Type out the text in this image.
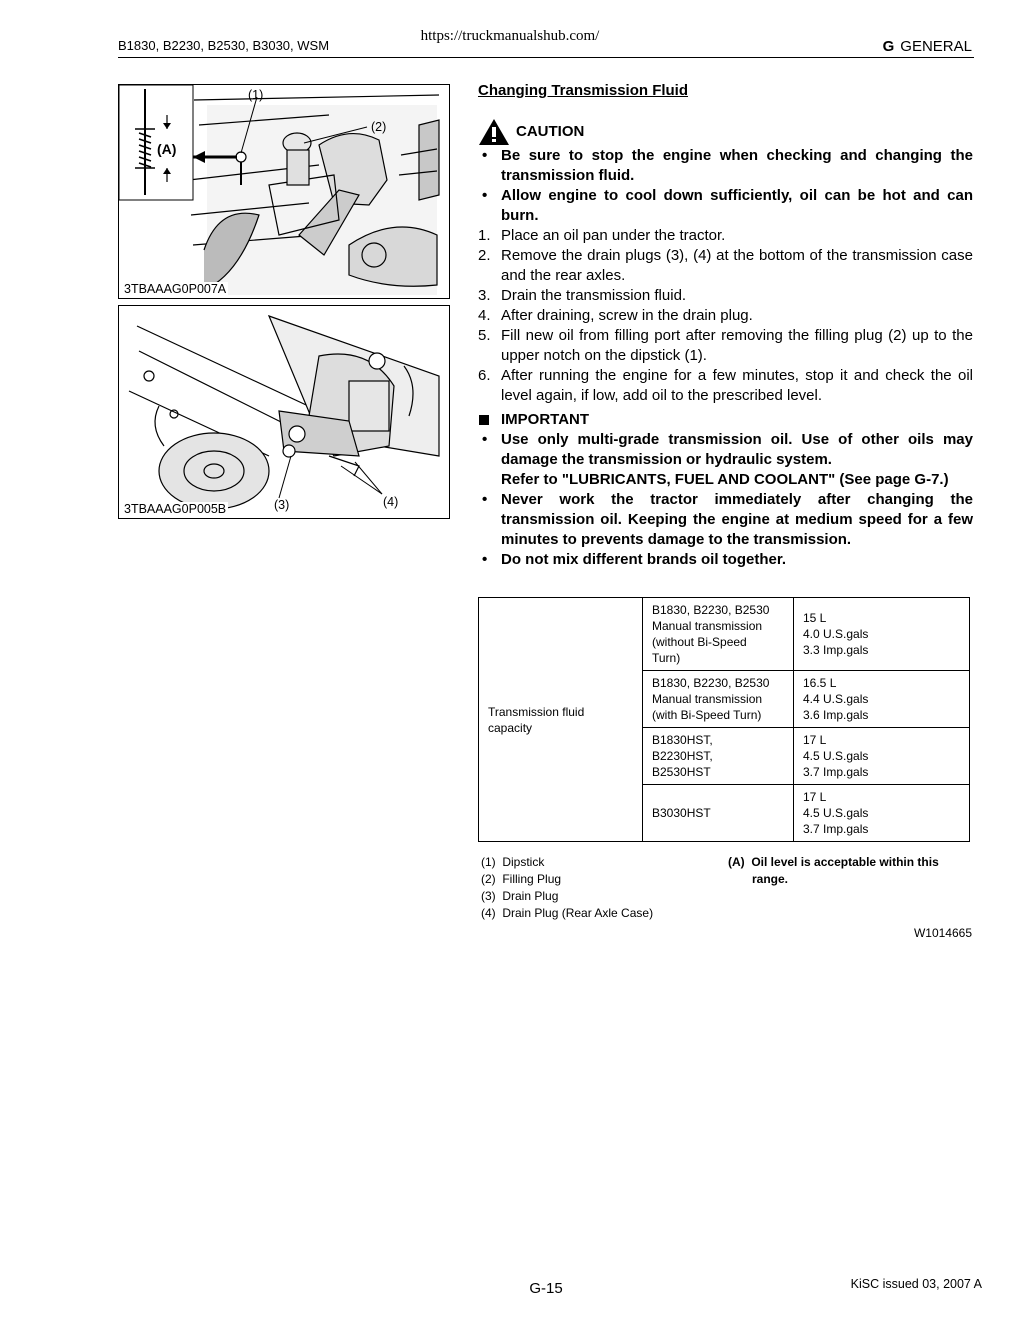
https://truckmanualshub.com/
B1830, B2230, B2530, B3030, WSM	G GENERAL
(A)
(1)
(2)
3TBAAAG0P007A
(3)	(4)
3TBAAAG0P005B
Changing Transmission Fluid
CAUTION
• Be sure to stop the engine when checking and changing the transmission fluid.
• Allow engine to cool down sufficiently, oil can be hot and can burn.
1. Place an oil pan under the tractor.
2. Remove the drain plugs (3), (4) at the bottom of the transmission case and the rear axles.
3. Drain the transmission fluid.
4. After draining, screw in the drain plug.
5. Fill new oil from filling port after removing the filling plug (2) up to the upper notch on the dipstick (1).
6. After running the engine for a few minutes, stop it and check the oil level again, if low, add oil to the prescribed level.
IMPORTANT
• Use only multi-grade transmission oil. Use of other oils may damage the transmission or hydraulic system.
Refer to "LUBRICANTS, FUEL AND COOLANT" (See page G-7.)
• Never work the tractor immediately after changing the transmission oil. Keeping the engine at medium speed for a few minutes to prevents damage to the transmission.
• Do not mix different brands oil together.
Transmission fluid
capacity	B1830, B2230, B2530
Manual transmission
(without Bi-Speed
Turn)	15 L
4.0 U.S.gals
3.3 Imp.gals
	B1830, B2230, B2530
Manual transmission
(with Bi-Speed Turn)	16.5 L
4.4 U.S.gals
3.6 Imp.gals
	B1830HST,
B2230HST,
B2530HST	17 L
4.5 U.S.gals
3.7 Imp.gals
	B3030HST	17 L
4.5 U.S.gals
3.7 Imp.gals
(1) Dipstick
(2) Filling Plug
(3) Drain Plug
(4) Drain Plug (Rear Axle Case)
(A) Oil level is acceptable within this
range.
W1014665
G-15	KiSC issued 03, 2007 A
